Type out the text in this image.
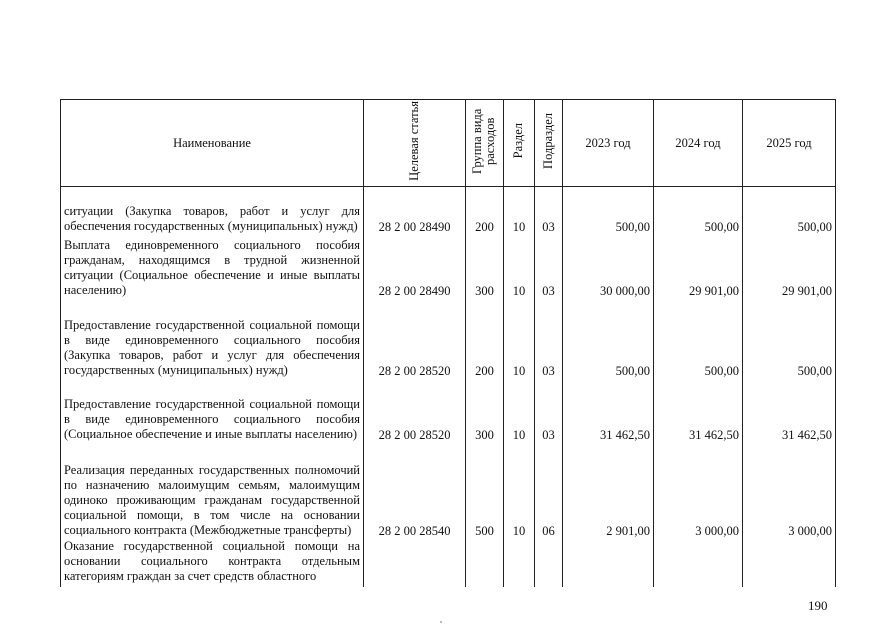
Наименование	Целевая статья	Группа вида расходов	Раздел	Подраздел	2023 год	2024 год	2025 год
ситуации (Закупка товаров, работ и услуг для обеспечения государственных (муниципальных) нужд)	28 2 00 28490	200	10	03	500,00	500,00	500,00
Выплата единовременного социального пособия гражданам, находящимся в трудной жизненной ситуации (Социальное обеспечение и иные выплаты населению)	28 2 00 28490	300	10	03	30 000,00	29 901,00	29 901,00
Предоставление государственной социальной помощи в виде единовременного социального пособия (Закупка товаров, работ и услуг для обеспечения государственных (муниципальных) нужд)	28 2 00 28520	200	10	03	500,00	500,00	500,00
Предоставление государственной социальной помощи в виде единовременного социального пособия (Социальное обеспечение и иные выплаты населению)	28 2 00 28520	300	10	03	31 462,50	31 462,50	31 462,50
Реализация переданных государственных полномочий по назначению малоимущим семьям, малоимущим одиноко проживающим гражданам государственной социальной помощи, в том числе на основании социального контракта (Межбюджетные трансферты)	28 2 00 28540	500	10	06	2 901,00	3 000,00	3 000,00
Оказание государственной социальной помощи на основании социального контракта отдельным категориям граждан за счет средств областного							
190
